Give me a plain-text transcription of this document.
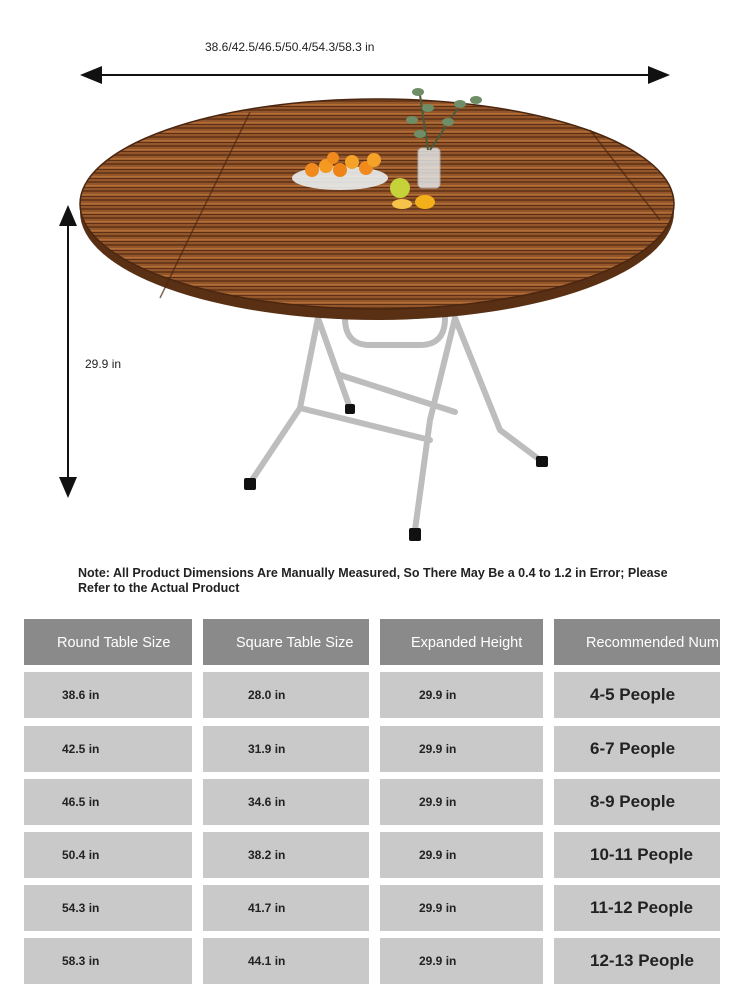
38.6/42.5/46.5/50.4/54.3/58.3 in
29.9 in
Note: All Product Dimensions Are Manually Measured, So There May Be a 0.4 to 1.2 in Error; Please Refer to the Actual Product
Round Table Size	Square Table Size	Expanded Height	Recommended Number
38.6 in	28.0 in	29.9 in	4-5 People
42.5 in	31.9 in	29.9 in	6-7 People
46.5 in	34.6 in	29.9 in	8-9 People
50.4 in	38.2 in	29.9 in	10-11 People
54.3 in	41.7 in	29.9 in	11-12 People
58.3 in	44.1 in	29.9 in	12-13 People
